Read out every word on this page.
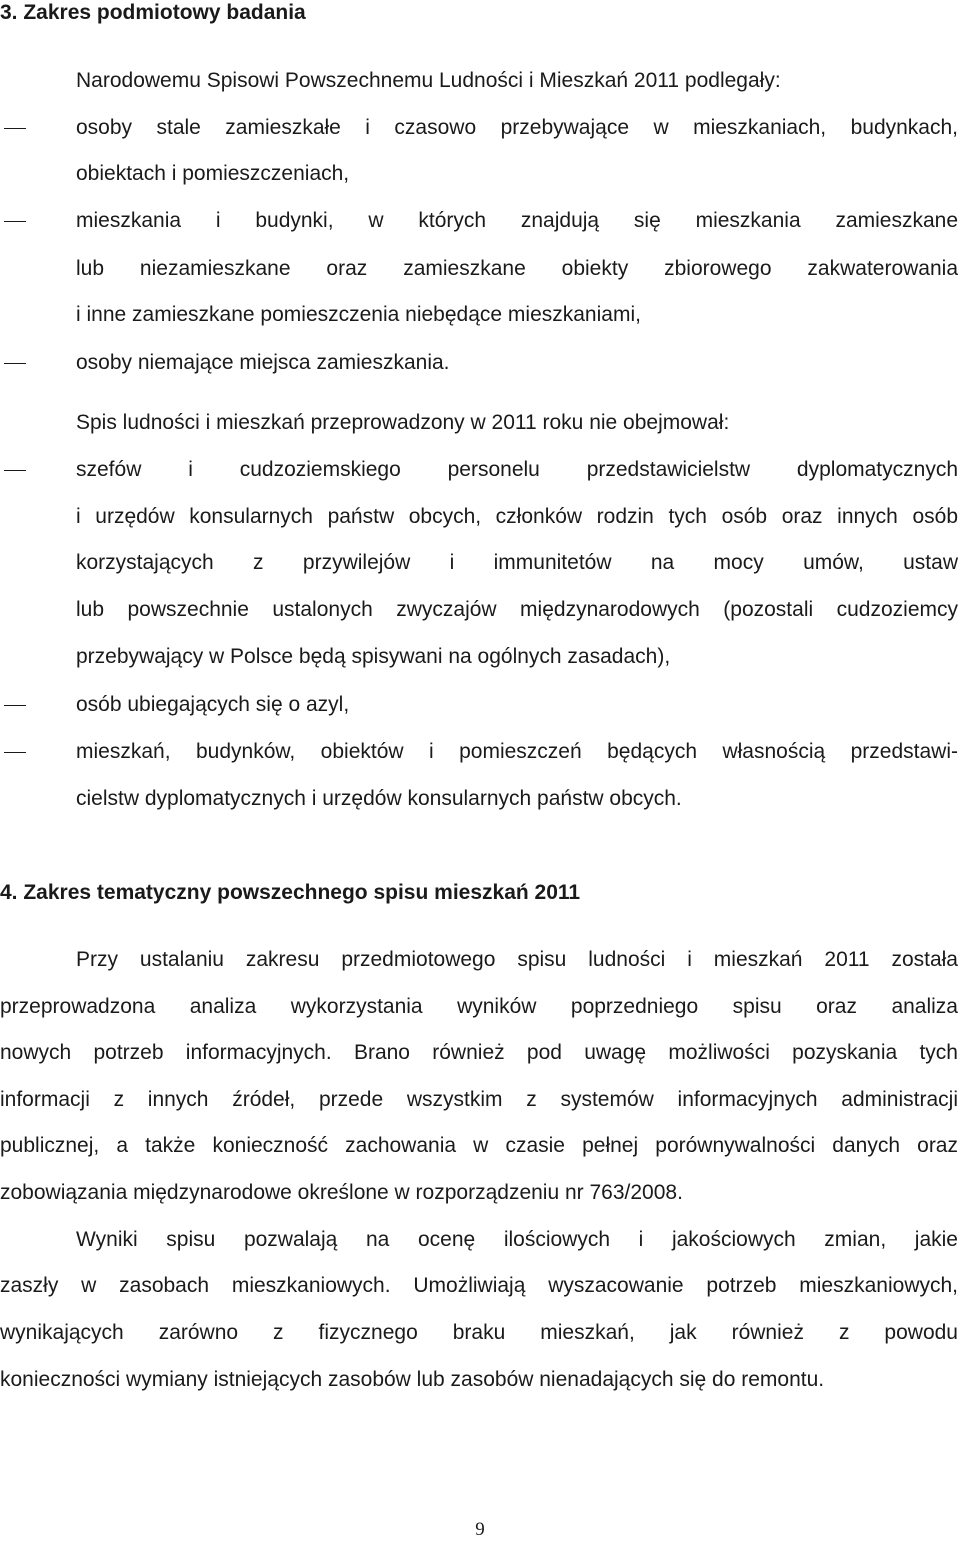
3. Zakres podmiotowy badania
Narodowemu Spisowi Powszechnemu Ludności i Mieszkań 2011 podlegały:
osoby stale zamieszkałe i czasowo przebywające w mieszkaniach, budynkach,
obiektach i pomieszczeniach,
mieszkania i budynki, w których znajdują się mieszkania zamieszkane
lub niezamieszkane oraz zamieszkane obiekty zbiorowego zakwaterowania
i inne zamieszkane pomieszczenia niebędące mieszkaniami,
osoby niemające miejsca zamieszkania.
Spis ludności i mieszkań przeprowadzony w 2011 roku nie obejmował:
szefów i cudzoziemskiego personelu przedstawicielstw dyplomatycznych
i urzędów konsularnych państw obcych, członków rodzin tych osób oraz innych osób
korzystających z przywilejów i immunitetów na mocy umów, ustaw
lub powszechnie ustalonych zwyczajów międzynarodowych (pozostali cudzoziemcy
przebywający w Polsce będą spisywani na ogólnych zasadach),
osób ubiegających się o azyl,
mieszkań, budynków, obiektów i pomieszczeń będących własnością przedstawi-
cielstw dyplomatycznych i urzędów konsularnych państw obcych.
4. Zakres tematyczny powszechnego spisu mieszkań 2011
Przy ustalaniu zakresu przedmiotowego spisu ludności i mieszkań 2011 została
przeprowadzona analiza wykorzystania wyników poprzedniego spisu oraz analiza
nowych potrzeb informacyjnych. Brano również pod uwagę możliwości pozyskania tych
informacji z innych źródeł, przede wszystkim z systemów informacyjnych administracji
publicznej, a także konieczność zachowania w czasie pełnej porównywalności danych oraz
zobowiązania międzynarodowe określone w rozporządzeniu nr 763/2008.
Wyniki spisu pozwalają na ocenę ilościowych i jakościowych zmian, jakie
zaszły w zasobach mieszkaniowych. Umożliwiają wyszacowanie potrzeb mieszkaniowych,
wynikających zarówno z fizycznego braku mieszkań, jak również z powodu
konieczności wymiany istniejących zasobów lub zasobów nienadających się do remontu.
9
